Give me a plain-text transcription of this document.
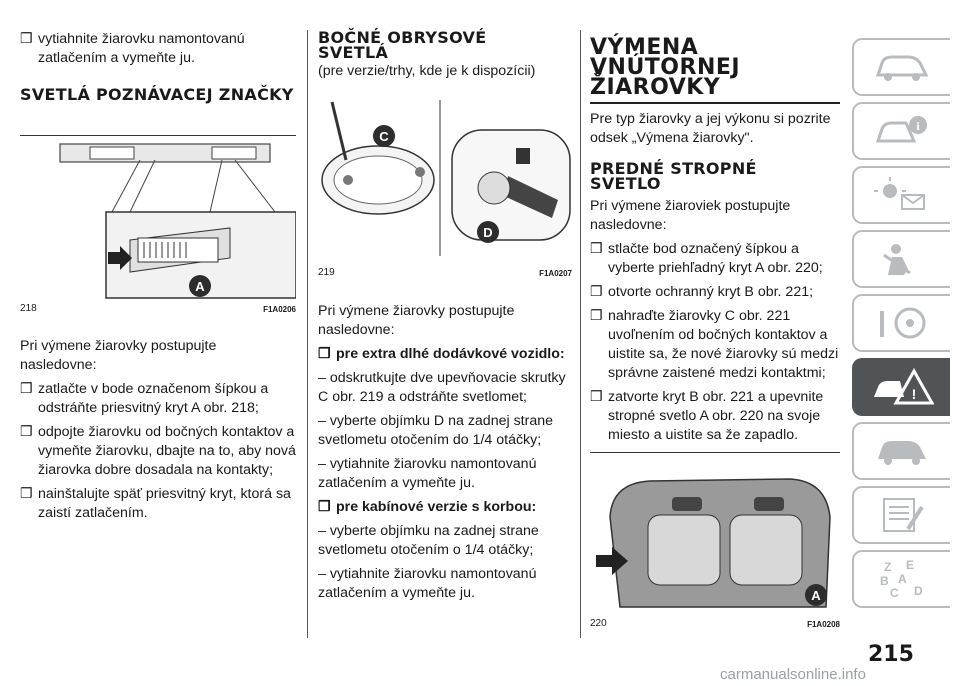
❒ vytiahnite žiarovku namontovanú zatlačením a vymeňte ju.

SVETLÁ POZNÁVACEJ ZNAČKY
A
218	F1A0206

Pri výmene žiarovky postupujte nasledovne:

❒ zatlačte v bode označenom šípkou a odstráňte priesvitný kryt A obr. 218;

❒ odpojte žiarovku od bočných kontaktov a vymeňte žiarovku, dbajte na to, aby nová žiarovka dobre dosadala na kontakty;

❒ nainštalujte späť priesvitný kryt, ktorá sa zaistí zatlačením.

BOČNÉ OBRYSOVÉ SVETLÁ

(pre verzie/trhy, kde je k dispozícii)

C
D
219	F1A0207

Pri výmene žiarovky postupujte nasledovne:

❒ pre extra dlhé dodávkové vozidlo:

– odskrutkujte dve upevňovacie skrutky C obr. 219 a odstráňte svetlomet;

– vyberte objímku D na zadnej strane svetlometu otočením do 1/4 otáčky;

– vytiahnite žiarovku namontovanú zatlačením a vymeňte ju.

❒ pre kabínové verzie s korbou:

– vyberte objímku na zadnej strane svetlometu otočením o 1/4 otáčky;

– vytiahnite žiarovku namontovanú zatlačením a vymeňte ju.

VÝMENA VNÚTORNEJ ŽIAROVKY

Pre typ žiarovky a jej výkonu si pozrite odsek „Výmena žiarovky".

PREDNÉ STROPNÉ SVETLO

Pri výmene žiaroviek postupujte nasledovne:

❒ stlačte bod označený šípkou a vyberte priehľadný kryt A obr. 220;

❒ otvorte ochranný kryt B obr. 221;

❒ nahraďte žiarovky C obr. 221 uvoľnením od bočných kontaktov a uistite sa, že nové žiarovky sú medzi správne zaistené medzi kontaktmi;

❒ zatvorte kryt B obr. 221 a upevnite stropné svetlo A obr. 220 na svoje miesto a uistite sa že zapadlo.

A
220	F1A0208
i
!
Z E
B A
C D
215
carmanualsonline.info
